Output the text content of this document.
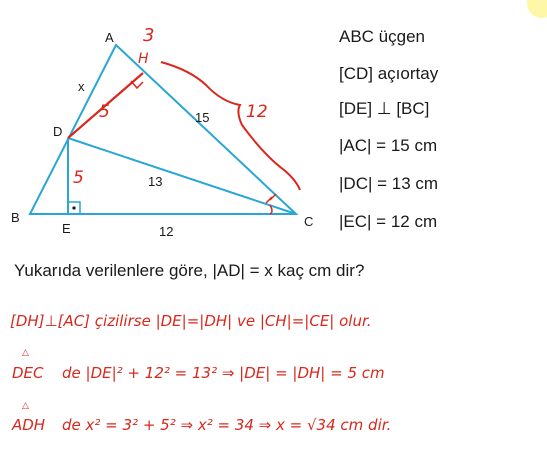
A
B	C
D
E
H
x
15
13
12
3
5
5
12
[DH]⊥[AC] çizilirse |DE|=|DH| ve |CH|=|CE| olur.
△
DEC de |DE|² + 12² = 13² ⇒ |DE| = |DH| = 5 cm
△
ADH de x² = 3² + 5² ⇒ x² = 34 ⇒ x = √34 cm dir.
ABC üçgen
[CD] açıortay
[DE] ⊥ [BC]
|AC| = 15 cm
|DC| = 13 cm
|EC| = 12 cm
Yukarıda verilenlere göre, |AD| = x kaç cm dir?
